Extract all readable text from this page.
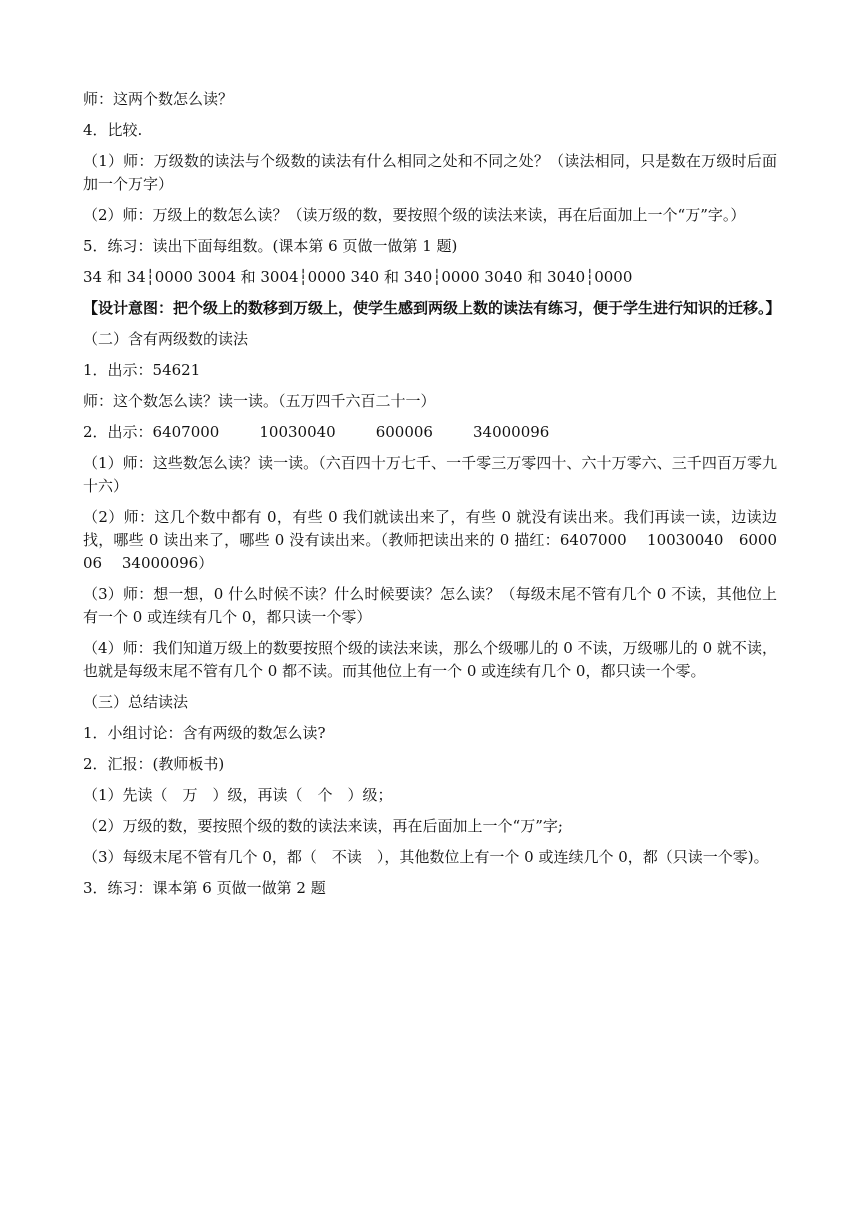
师：这两个数怎么读？

4．比较.

（1）师：万级数的读法与个级数的读法有什么相同之处和不同之处？（读法相同，只是数在万级时后面加一个万字）

（2）师：万级上的数怎么读？（读万级的数，要按照个级的读法来读，再在后面加上一个“万”字。）

5．练习：读出下面每组数。(课本第 6 页做一做第 1 题)

34 和 34┆0000 3004 和 3004┆0000 340 和 340┆0000 3040 和 3040┆0000

【设计意图：把个级上的数移到万级上，使学生感到两级上数的读法有练习，便于学生进行知识的迁移。】

（二）含有两级数的读法

1．出示：54621

师：这个数怎么读？读一读。（五万四千六百二十一）

2．出示：6407000	10030040	600006	34000096

（1）师：这些数怎么读？读一读。（六百四十万七千、一千零三万零四十、六十万零六、三千四百万零九十六）

（2）师：这几个数中都有 0，有些 0 我们就读出来了，有些 0 就没有读出来。我们再读一读，边读边找，哪些 0 读出来了，哪些 0 没有读出来。（教师把读出来的 0 描红：6407000　 10030040　600006　 34000096）

（3）师：想一想，0 什么时候不读？什么时候要读？怎么读？（每级末尾不管有几个 0 不读，其他位上有一个 0 或连续有几个 0，都只读一个零）

（4）师：我们知道万级上的数要按照个级的读法来读，那么个级哪儿的 0 不读，万级哪儿的 0 就不读，也就是每级末尾不管有几个 0 都不读。而其他位上有一个 0 或连续有几个 0，都只读一个零。

（三）总结读法

1．小组讨论：含有两级的数怎么读?

2．汇报：(教师板书)

（1）先读（　万　）级，再读（　个　）级；

（2）万级的数，要按照个级的数的读法来读，再在后面加上一个“万”字;

（3）每级末尾不管有几个 0，都（　不读　），其他数位上有一个 0 或连续几个 0，都（只读一个零)。

3．练习：课本第 6 页做一做第 2 题
